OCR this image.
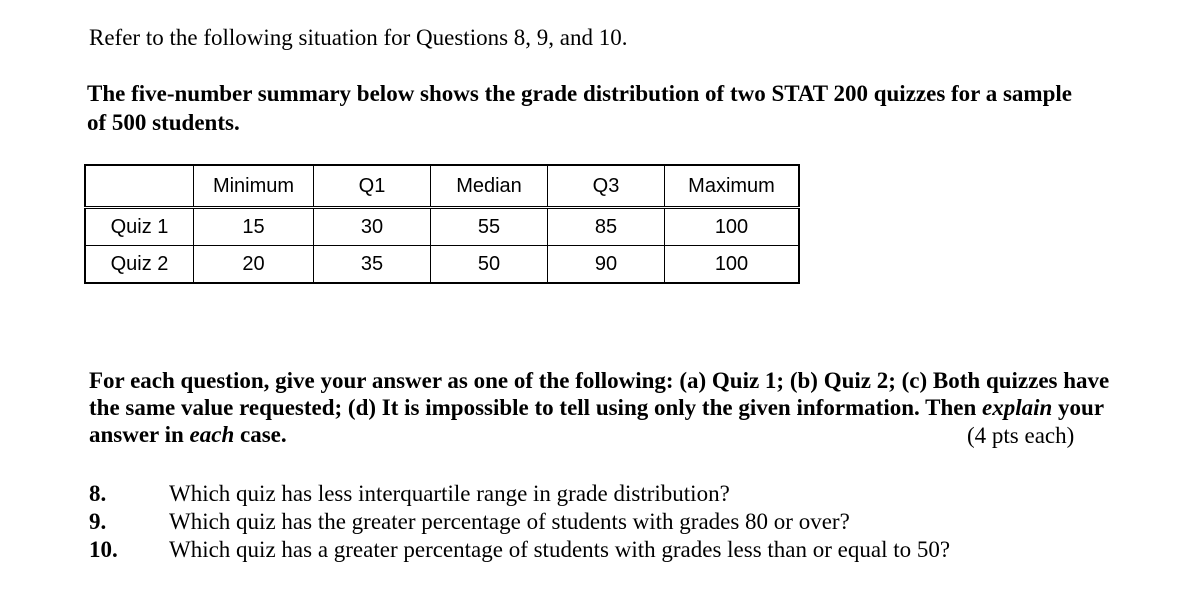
Refer to the following situation for Questions 8, 9, and 10.

The five-number summary below shows the grade distribution of two STAT 200 quizzes for a sample of 500 students.

	Minimum	Q1	Median	Q3	Maximum
Quiz 1	15	30	55	85	100
Quiz 2	20	35	50	90	100

For each question, give your answer as one of the following: (a) Quiz 1; (b) Quiz 2; (c) Both quizzes have the same value requested; (d) It is impossible to tell using only the given information. Then explain your answer in each case.	(4 pts each)

8.	Which quiz has less interquartile range in grade distribution?
9.	Which quiz has the greater percentage of students with grades 80 or over?
10. Which quiz has a greater percentage of students with grades less than or equal to 50?
